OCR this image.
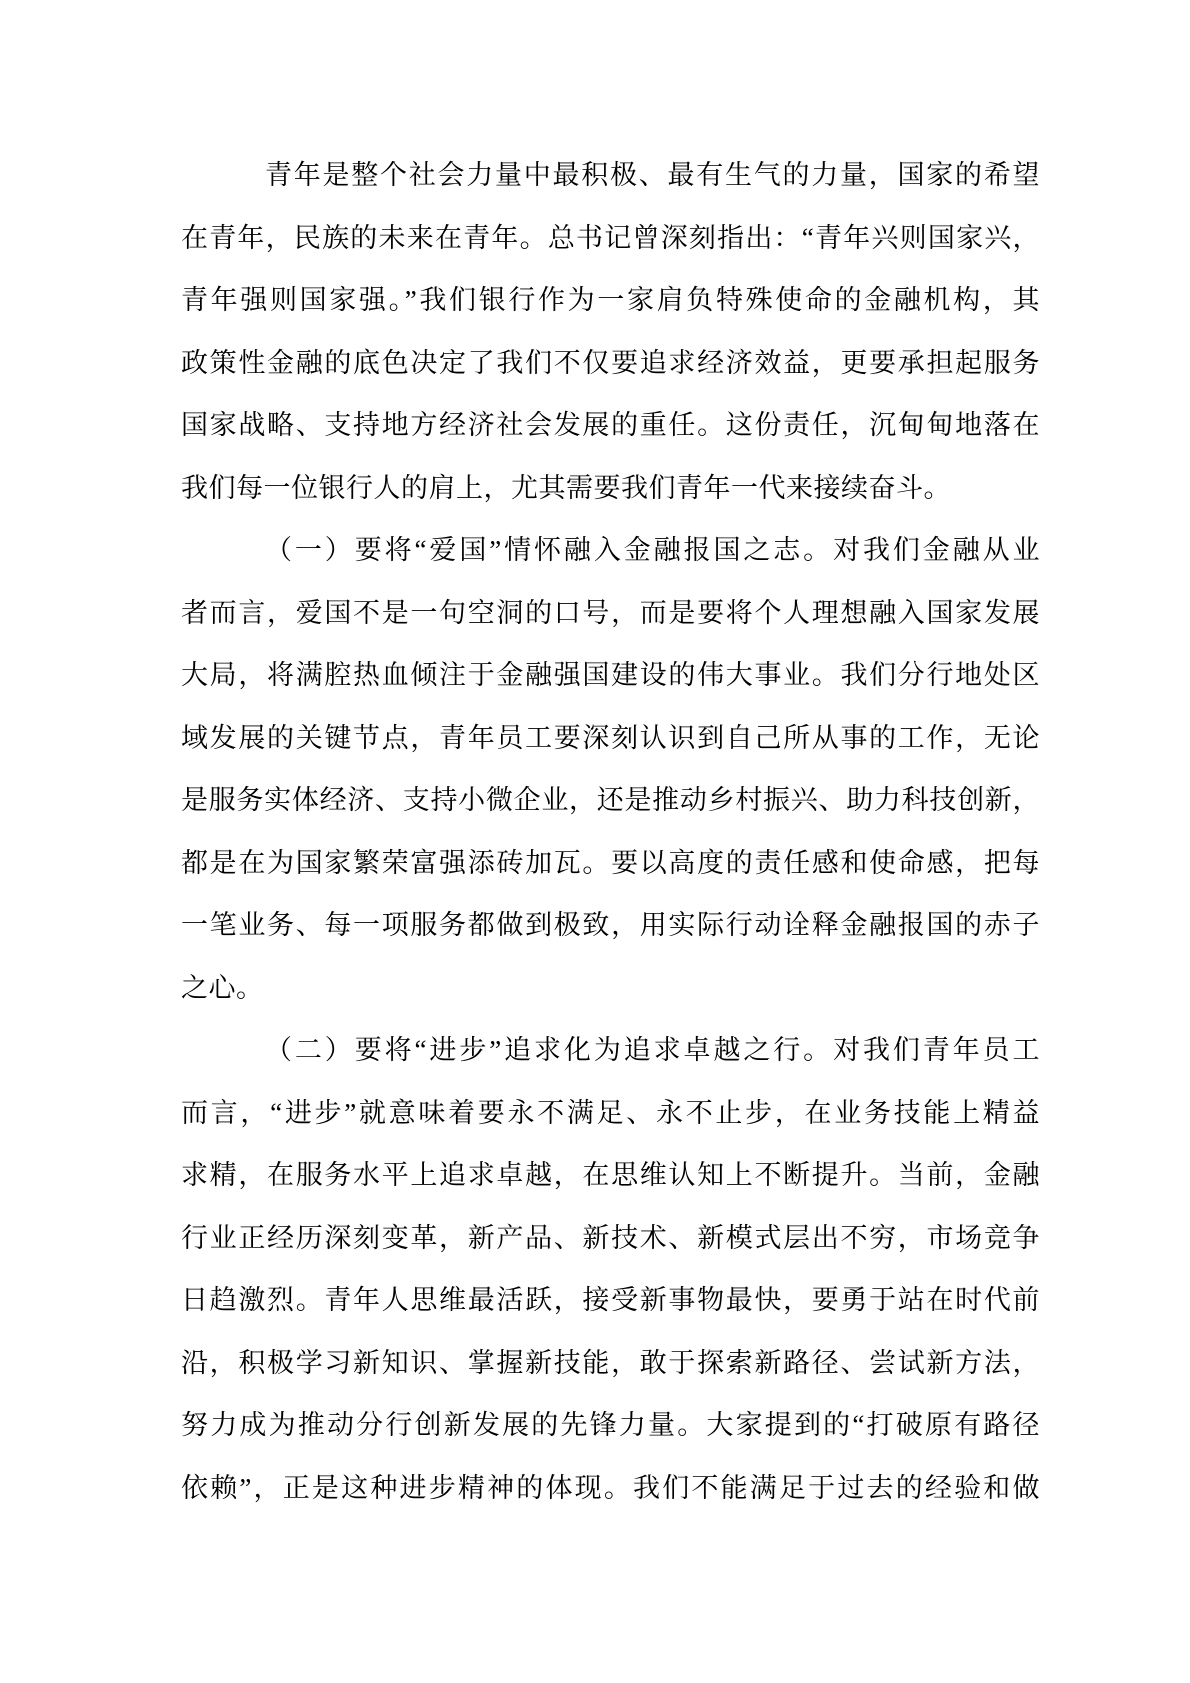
青年是整个社会力量中最积极、最有生气的力量，国家的希望
在青年，民族的未来在青年。总书记曾深刻指出：“青年兴则国家兴，
青年强则国家强。”我们银行作为一家肩负特殊使命的金融机构，其
政策性金融的底色决定了我们不仅要追求经济效益，更要承担起服务
国家战略、支持地方经济社会发展的重任。这份责任，沉甸甸地落在
我们每一位银行人的肩上，尤其需要我们青年一代来接续奋斗。
（一）要将“爱国”情怀融入金融报国之志。对我们金融从业
者而言，爱国不是一句空洞的口号，而是要将个人理想融入国家发展
大局，将满腔热血倾注于金融强国建设的伟大事业。我们分行地处区
域发展的关键节点，青年员工要深刻认识到自己所从事的工作，无论
是服务实体经济、支持小微企业，还是推动乡村振兴、助力科技创新，
都是在为国家繁荣富强添砖加瓦。要以高度的责任感和使命感，把每
一笔业务、每一项服务都做到极致，用实际行动诠释金融报国的赤子
之心。
（二）要将“进步”追求化为追求卓越之行。对我们青年员工
而言，“进步”就意味着要永不满足、永不止步，在业务技能上精益
求精，在服务水平上追求卓越，在思维认知上不断提升。当前，金融
行业正经历深刻变革，新产品、新技术、新模式层出不穷，市场竞争
日趋激烈。青年人思维最活跃，接受新事物最快，要勇于站在时代前
沿，积极学习新知识、掌握新技能，敢于探索新路径、尝试新方法，
努力成为推动分行创新发展的先锋力量。大家提到的“打破原有路径
依赖”，正是这种进步精神的体现。我们不能满足于过去的经验和做
